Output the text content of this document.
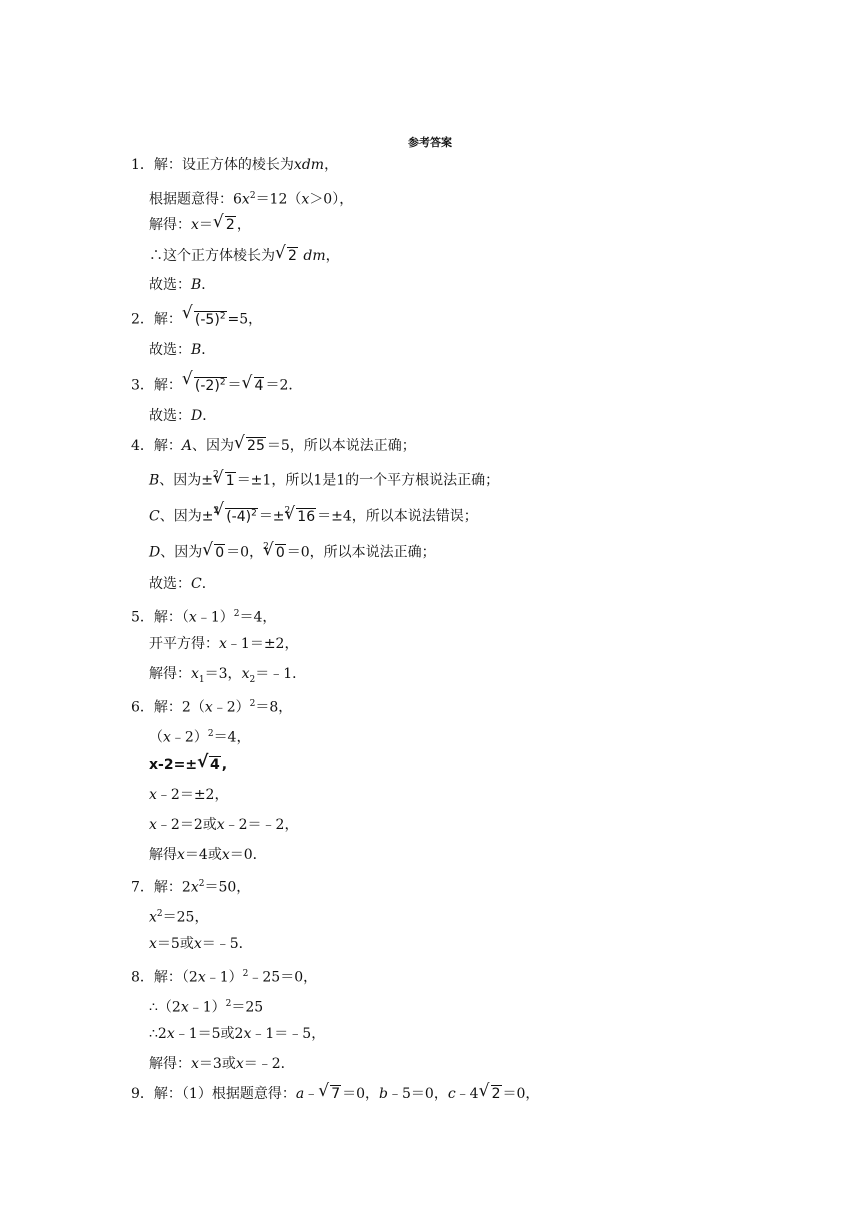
参考答案
1．解：设正方体的棱长为xdm，
根据题意得：$6x^2=12(x>0)$，
解得：x＝√ 2 ，
∴这个正方体棱长为√ 2 dm，
故选：B．
2．解：√ $(-5)^2 =5$，
故选：B．
3．解：√ $(-2)^2$ ＝√ 4 ＝2．
故选：D．
4．解：A、因为√ 25 ＝5，所以本说法正确；
B、因为±$^2$√ 1 ＝±1，所以1是1的一个平方根说法正确；
C、因为±$^2$√ $(-4)^2 =\pm^2√$ 16 ＝±4，所以本说法错误；
D、因为√ 0 ＝0，$^2$√ 0 ＝0，所以本说法正确；
故选：C．
5．解：（x﹣1）$^2$＝4，
开平方得：x﹣1＝±2，
解得：$x_1=3$，$x_2=﹣1$．
6．解：2（x﹣2）$^2$＝8，
（x﹣2）$^2$＝4，
x-2=±√ 4 ,
x﹣2＝±2，
x﹣2＝2或x﹣2＝﹣2，
解得x＝4或x＝0．
7．解：$2x^2=50$，
$x^2=25$，
x＝5或x＝﹣5．
8．解：（2x﹣1）$^2$﹣25＝0，
∴（2x﹣1）$^2$＝25
∴2x﹣1＝5或2x﹣1＝﹣5，
解得：x＝3或x＝﹣2．
9．解：（1）根据题意得：a﹣√ 7 ＝0，b﹣5＝0，c﹣4√ 2 ＝0，
